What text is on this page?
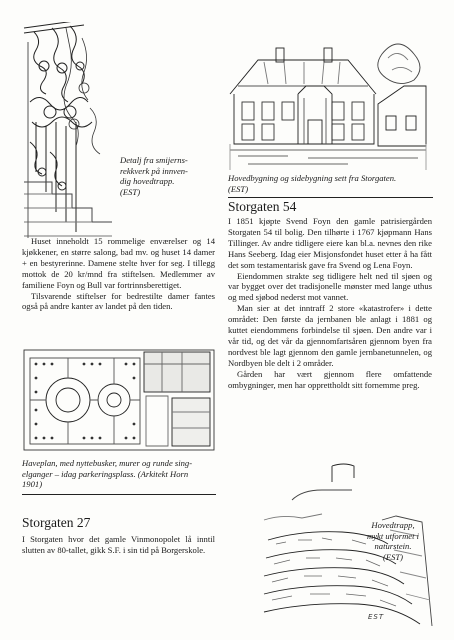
Detalj fra smijerns-
rekkverk på innven-
dig hovedtrapp.
(EST)

Huset inneholdt 15 rommelige enværelser og 14 kjøkkener, en større salong, bad mv. og huset 14 damer + en bestyrerinne. Damene stelte hver for seg. I tillegg mottok de 20 kr/mnd fra stiftelsen. Medlemmer av familiene Foyn og Bull var fortrinnsberettiget.

Tilsvarende stiftelser for bedrestilte damer fantes også på andre kanter av landet på den tiden.

Haveplan, med nyttebusker, murer og runde sing-
elganger – idag parkeringsplass. (Arkitekt Horn
1901)
Storgaten 27

I Storgaten hvor det gamle Vinmonopolet lå inntil slutten av 80-tallet, gikk S.F. i sin tid på Borgerskole.

Hovedbygning og sidebygning sett fra Storgaten.
(EST)
Storgaten 54

I 1851 kjøpte Svend Foyn den gamle patrisiergården Storgaten 54 til bolig. Den tilhørte i 1767 kjøpmann Hans Tillinger. Av andre tidligere eiere kan bl.a. nevnes den rike Hans Seeberg. Idag eier Misjonsfondet huset etter å ha fått det som testamentarisk gave fra Svend og Lena Foyn.

Eiendommen strakte seg tidligere helt ned til sjøen og var bygget over det tradisjonelle mønster med lange uthus og med sjøbod nederst mot vannet.

Man sier at det inntraff 2 store «katastrofer» i dette området: Den første da jernbanen ble anlagt i 1881 og kuttet eiendommens forbindelse til sjøen. Den andre var i vår tid, og det vår da gjennomfartsåren gjennom byen fra nordvest ble lagt gjennom den gamle jernbanetunnelen, og Nordbyen ble delt i 2 områder.

Gården har vært gjennom flere omfattende ombygninger, men har opprettholdt sitt fornemme preg.

Hovedtrapp,
mykt utformet i
naturstein.
(EST)
EST
